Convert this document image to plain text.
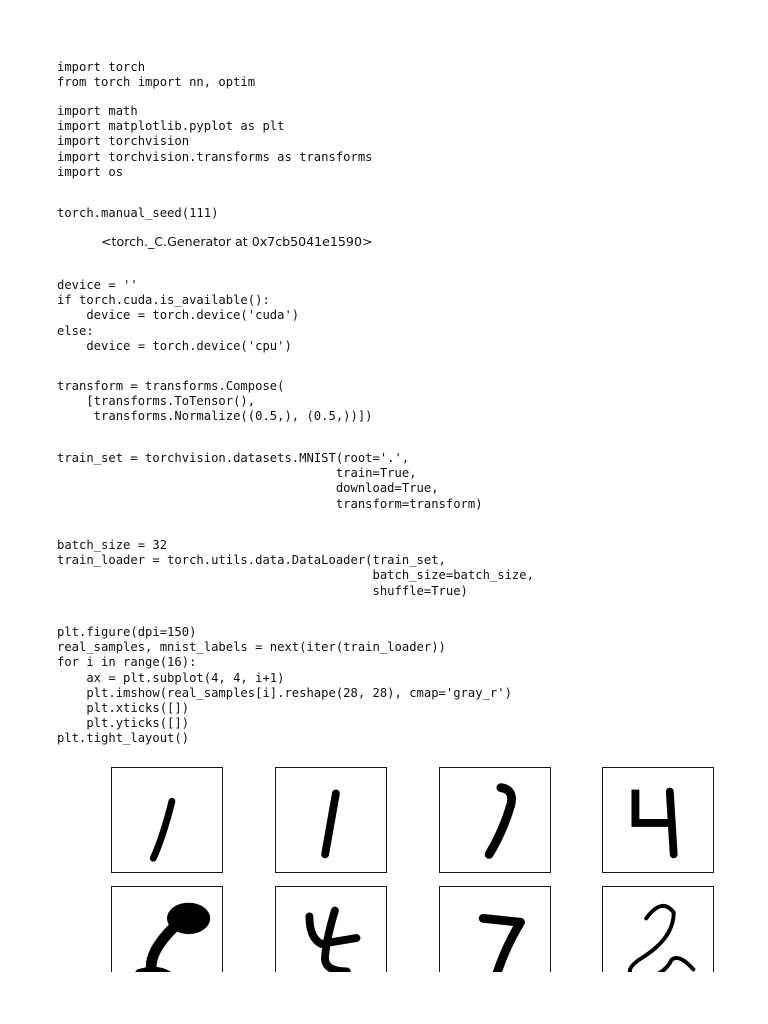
import torch
from torch import nn, optim
import math
import matplotlib.pyplot as plt
import torchvision
import torchvision.transforms as transforms
import os
torch.manual_seed(111)
<torch._C.Generator at 0x7cb5041e1590>
device = ''
if torch.cuda.is_available():
device = torch.device('cuda')
else:
device = torch.device('cpu')
transform = transforms.Compose(
[transforms.ToTensor(),
transforms.Normalize((0.5,), (0.5,))])
train_set = torchvision.datasets.MNIST(root='.',
train=True,
download=True,
transform=transform)
batch_size = 32
train_loader = torch.utils.data.DataLoader(train_set,
batch_size=batch_size,
shuffle=True)
plt.figure(dpi=150)
real_samples, mnist_labels = next(iter(train_loader))
for i in range(16):
ax = plt.subplot(4, 4, i+1)
plt.imshow(real_samples[i].reshape(28, 28), cmap='gray_r')
plt.xticks([])
plt.yticks([])
plt.tight_layout()
